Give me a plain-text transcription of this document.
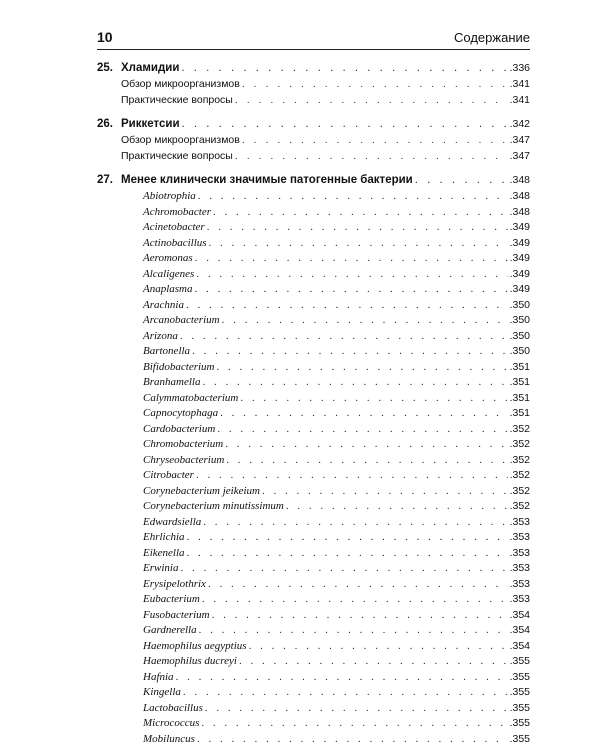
10	Содержание
25. Хламидии . . .	.336
Обзор микроорганизмов . . .	.341
Практические вопросы . . .	.341
26. Риккетсии . . .	.342
Обзор микроорганизмов . . .	.347
Практические вопросы . . .	.347
27. Менее клинически значимые патогенные бактерии . . .	.348
Abiotrophia . . .	.348
Achromobacter . . .	.348
Acinetobacter . . .	.349
Actinobacillus . . .	.349
Aeromonas . . .	.349
Alcaligenes . . .	.349
Anaplasma . . .	.349
Arachnia . . .	.350
Arcanobacterium . . .	.350
Arizona . . .	.350
Bartonella . . .	.350
Bifidobacterium . . .	.351
Branhamella . . .	.351
Calymmatobacterium . . .	.351
Capnocytophaga . . .	.351
Cardobacterium . . .	.352
Chromobacterium . . .	.352
Chryseobacterium . . .	.352
Citrobacter . . .	.352
Corynebacterium jeikeium . . .	.352
Corynebacterium minutissimum . . .	.352
Edwardsiella . . .	.353
Ehrlichia . . .	.353
Eikenella . . .	.353
Erwinia . . .	.353
Erysipelothrix . . .	.353
Eubacterium . . .	.353
Fusobacterium . . .	.354
Gardnerella . . .	.354
Haemophilus aegyptius . . .	.354
Haemophilus ducreyi . . .	.355
Hafnia . . .	.355
Kingella . . .	.355
Lactobacillus . . .	.355
Micrococcus . . .	.355
Mobiluncus . . .	.355
